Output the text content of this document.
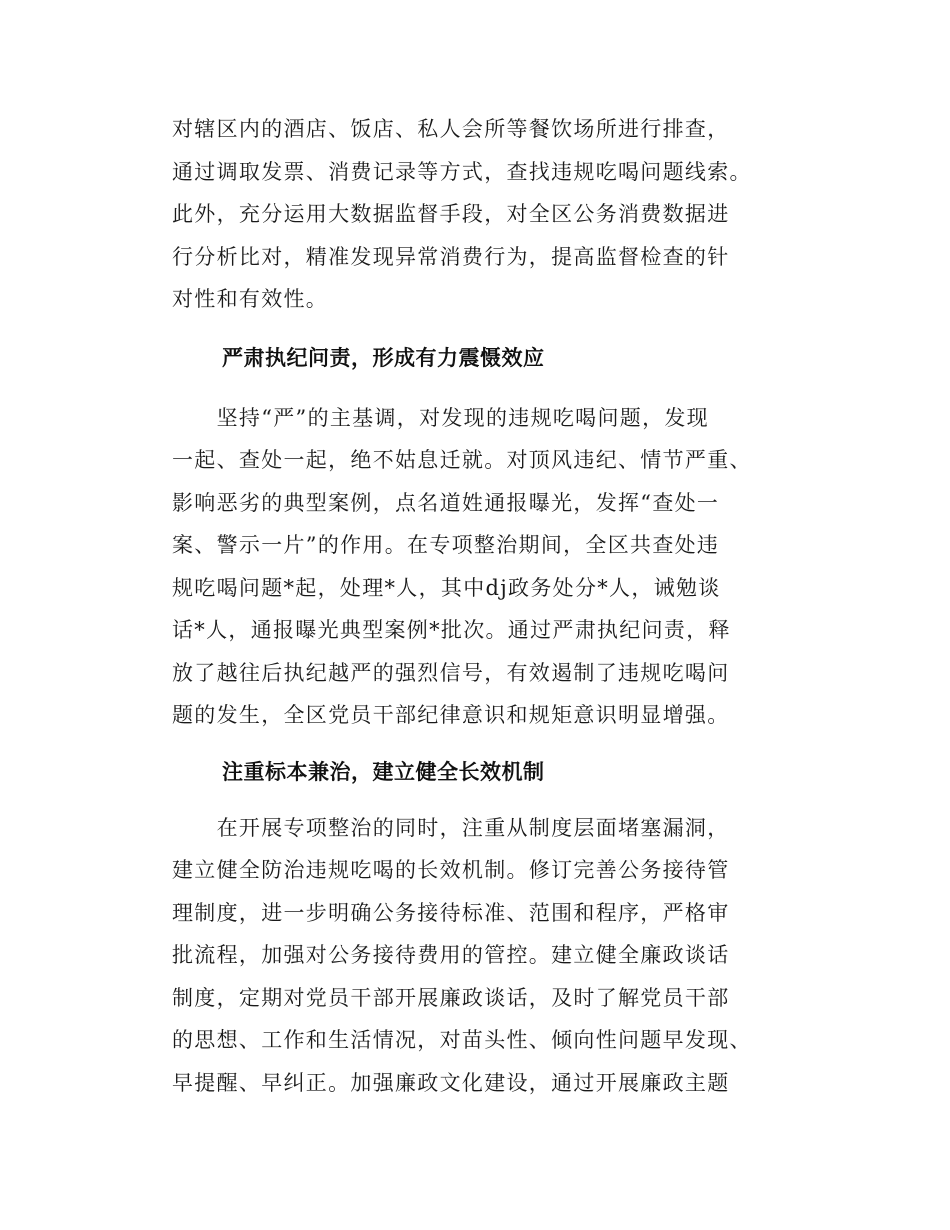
对辖区内的酒店、饭店、私人会所等餐饮场所进行排查，
通过调取发票、消费记录等方式，查找违规吃喝问题线索。
此外，充分运用大数据监督手段，对全区公务消费数据进
行分析比对，精准发现异常消费行为，提高监督检查的针
对性和有效性。
严肃执纪问责，形成有力震慑效应
　　坚持“严”的主基调，对发现的违规吃喝问题，发现
一起、查处一起，绝不姑息迁就。对顶风违纪、情节严重、
影响恶劣的典型案例，点名道姓通报曝光，发挥“查处一
案、警示一片”的作用。在专项整治期间，全区共查处违
规吃喝问题*起，处理*人，其中dj政务处分*人，诫勉谈
话*人，通报曝光典型案例*批次。通过严肃执纪问责，释
放了越往后执纪越严的强烈信号，有效遏制了违规吃喝问
题的发生，全区党员干部纪律意识和规矩意识明显增强。
注重标本兼治，建立健全长效机制
　　在开展专项整治的同时，注重从制度层面堵塞漏洞，
建立健全防治违规吃喝的长效机制。修订完善公务接待管
理制度，进一步明确公务接待标准、范围和程序，严格审
批流程，加强对公务接待费用的管控。建立健全廉政谈话
制度，定期对党员干部开展廉政谈话，及时了解党员干部
的思想、工作和生活情况，对苗头性、倾向性问题早发现、
早提醒、早纠正。加强廉政文化建设，通过开展廉政主题
